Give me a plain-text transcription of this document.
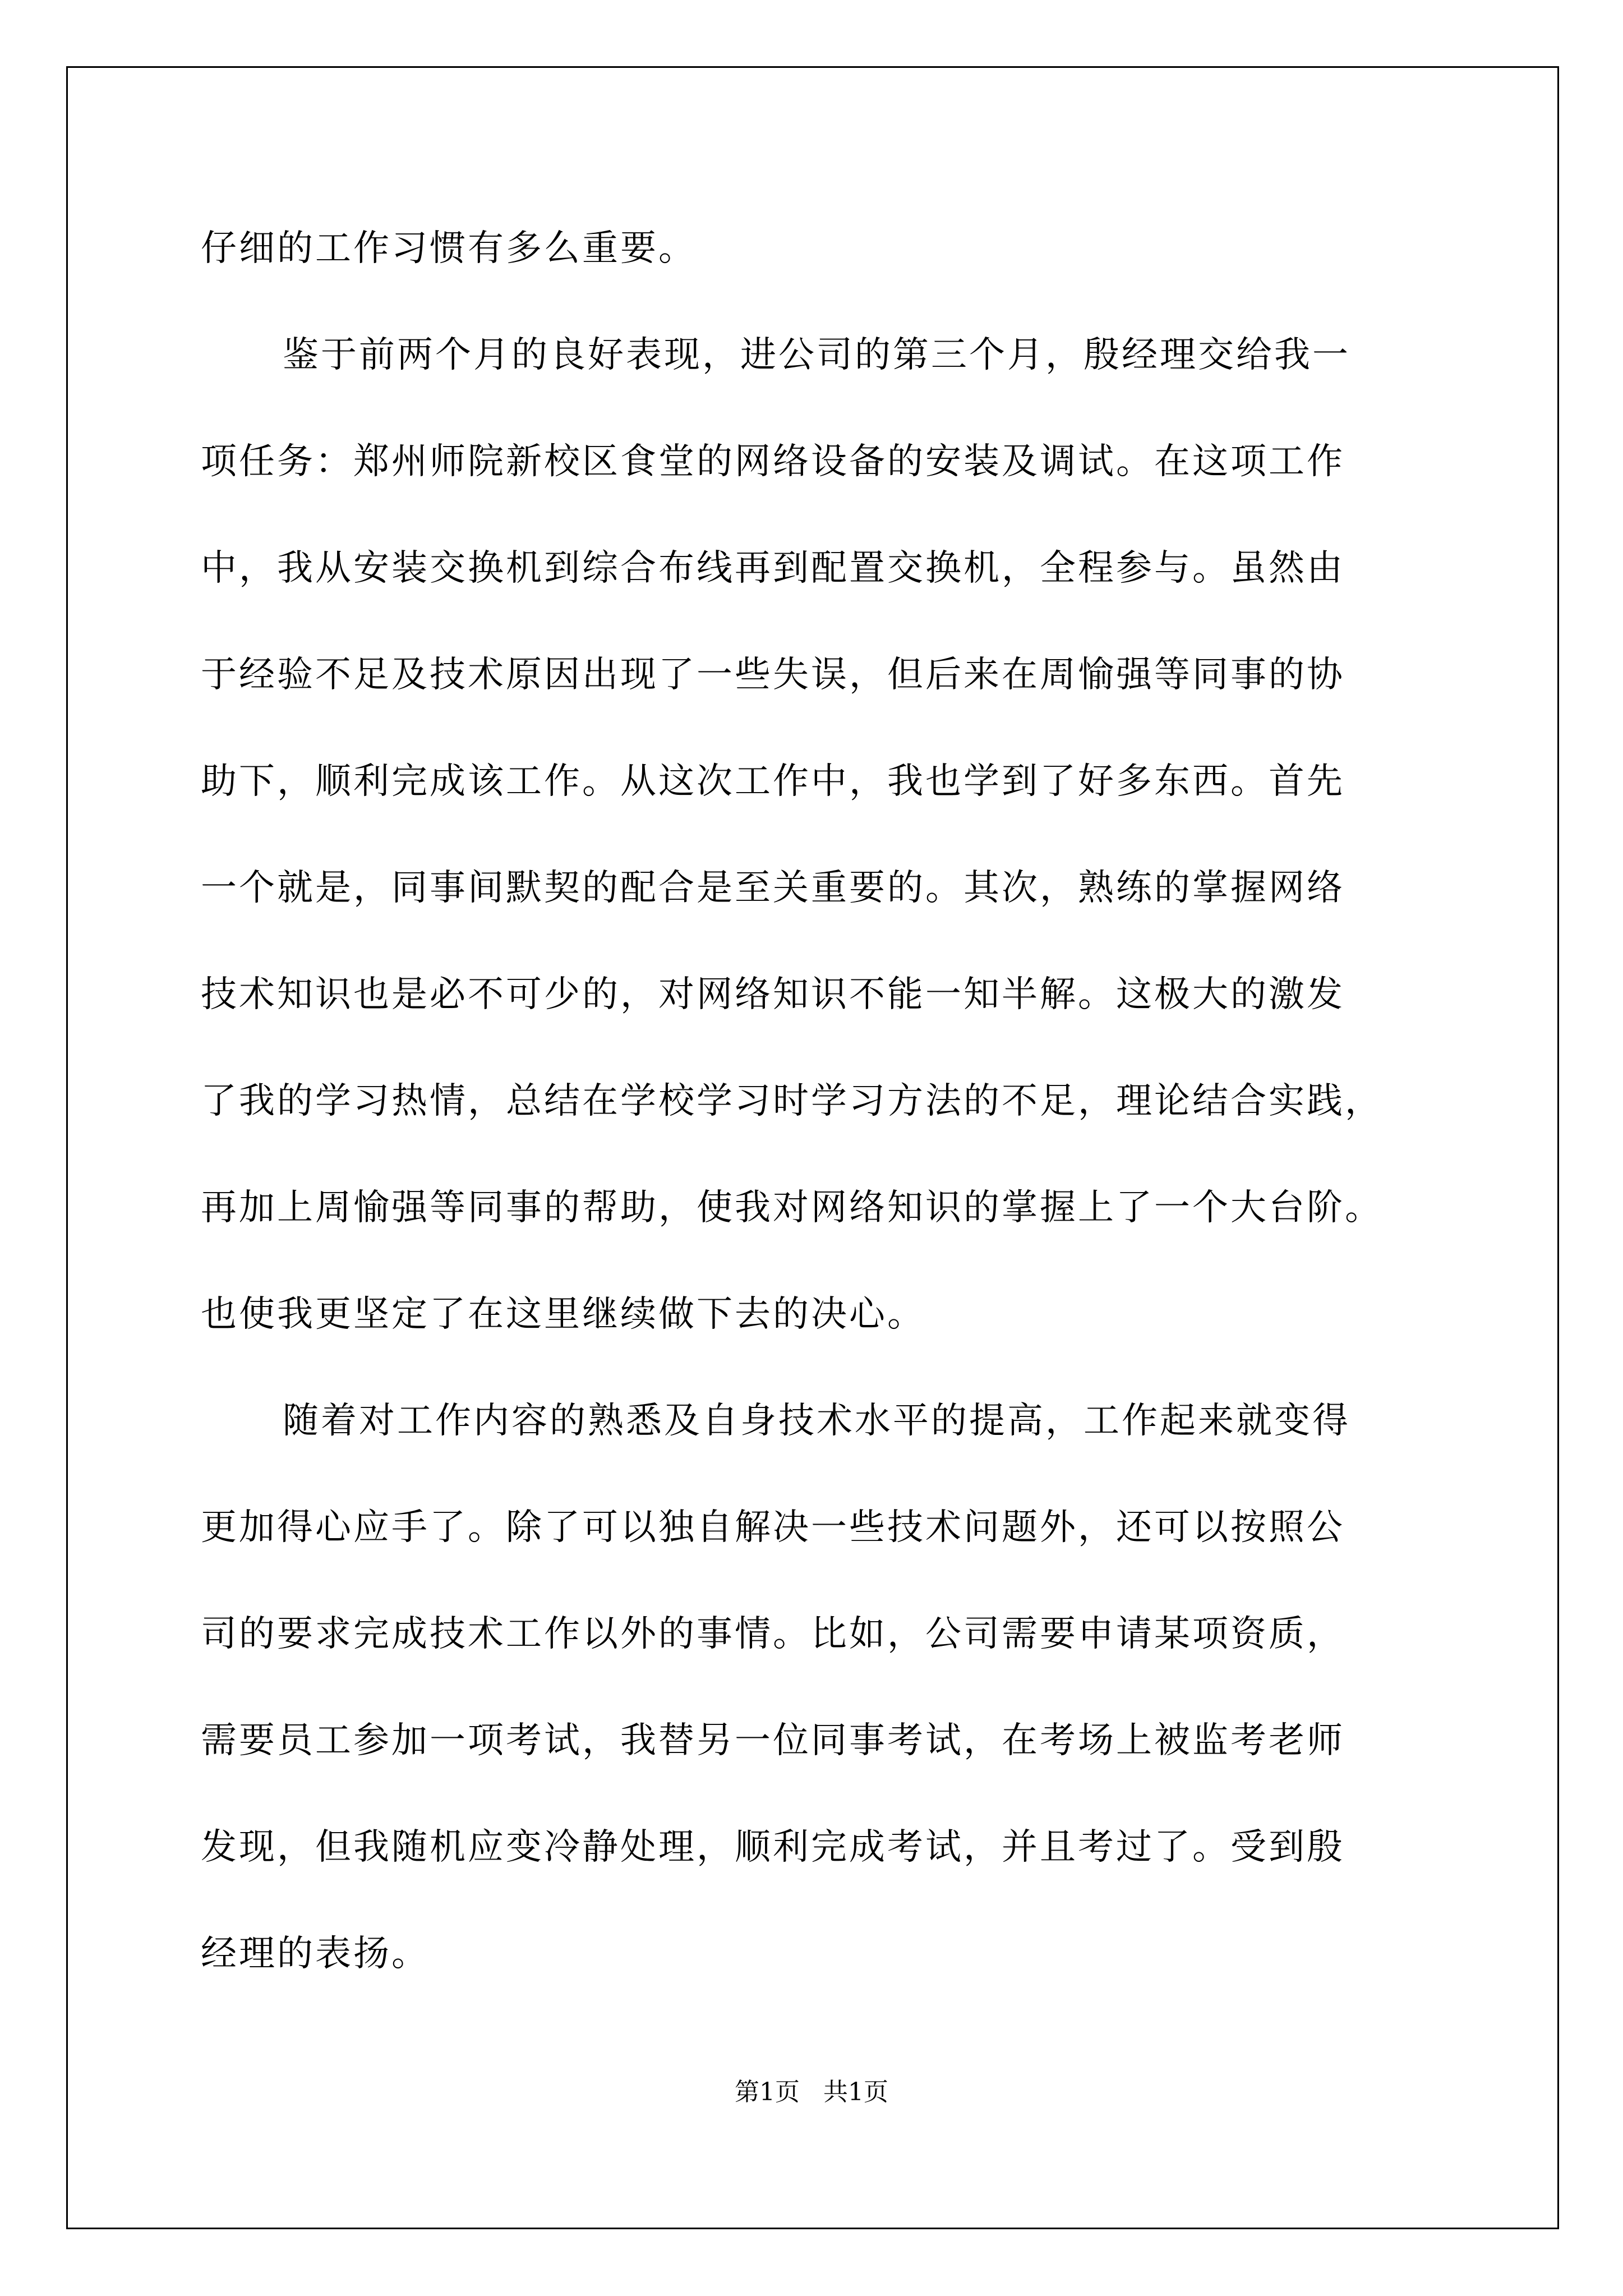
仔细的工作习惯有多么重要。
鉴于前两个月的良好表现，进公司的第三个月，殷经理交给我一
项任务：郑州师院新校区食堂的网络设备的安装及调试。在这项工作
中，我从安装交换机到综合布线再到配置交换机，全程参与。虽然由
于经验不足及技术原因出现了一些失误，但后来在周愉强等同事的协
助下，顺利完成该工作。从这次工作中，我也学到了好多东西。首先
一个就是，同事间默契的配合是至关重要的。其次，熟练的掌握网络
技术知识也是必不可少的，对网络知识不能一知半解。这极大的激发
了我的学习热情，总结在学校学习时学习方法的不足，理论结合实践，
再加上周愉强等同事的帮助，使我对网络知识的掌握上了一个大台阶。
也使我更坚定了在这里继续做下去的决心。
随着对工作内容的熟悉及自身技术水平的提高，工作起来就变得
更加得心应手了。除了可以独自解决一些技术问题外，还可以按照公
司的要求完成技术工作以外的事情。比如，公司需要申请某项资质，
需要员工参加一项考试，我替另一位同事考试，在考场上被监考老师
发现，但我随机应变冷静处理，顺利完成考试，并且考过了。受到殷
经理的表扬。
第1页   共1页
